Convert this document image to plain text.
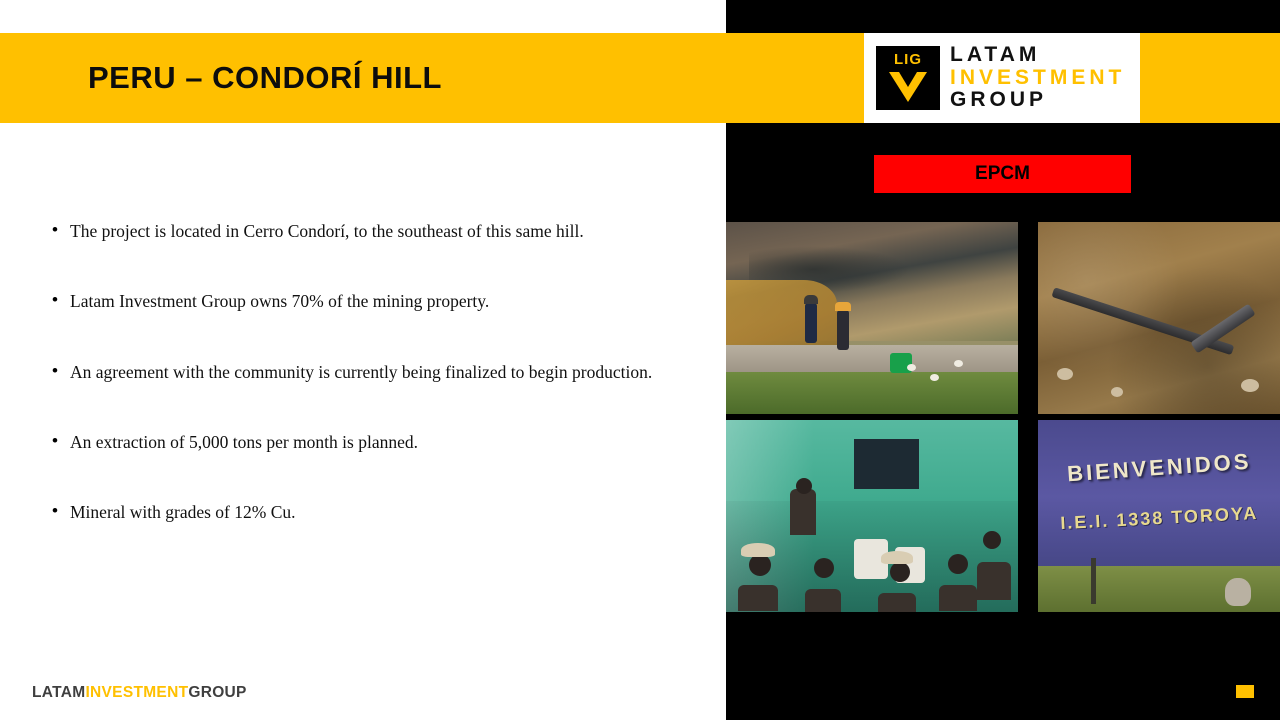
PERU – CONDORÍ HILL
LIG	LATAM
INVESTMENT
GROUP
EPCM
BIENVENIDOS
I.E.I. 1338 TOROYA
• The project is located in Cerro Condorí, to the southeast of this same hill.
• Latam Investment Group owns 70% of the mining property.
• An agreement with the community is currently being finalized to begin production.
• An extraction of 5,000 tons per month is planned.
• Mineral with grades of 12% Cu.
LATAMINVESTMENTGROUP
